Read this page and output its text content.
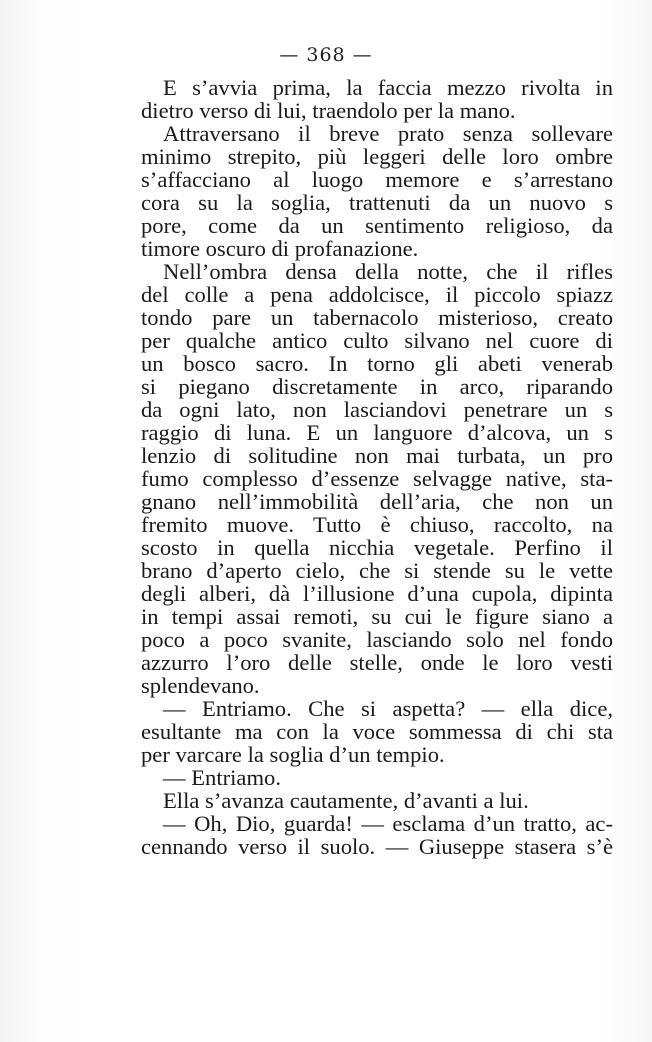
— 368 —
E s’avvia prima, la faccia mezzo rivolta in
dietro verso di lui, traendolo per la mano.
Attraversano il breve prato senza sollevare
minimo strepito, più leggeri delle loro ombre
s’affacciano al luogo memore e s’arrestano
cora su la soglia, trattenuti da un nuovo s
pore, come da un sentimento religioso, da
timore oscuro di profanazione.
Nell’ombra densa della notte, che il rifles
del colle a pena addolcisce, il piccolo spiazz
tondo pare un tabernacolo misterioso, creato
per qualche antico culto silvano nel cuore di
un bosco sacro. In torno gli abeti venerab
si piegano discretamente in arco, riparando
da ogni lato, non lasciandovi penetrare un s
raggio di luna. E un languore d’alcova, un s
lenzio di solitudine non mai turbata, un pro
fumo complesso d’essenze selvagge native, sta-
gnano nell’immobilità dell’aria, che non un
fremito muove. Tutto è chiuso, raccolto, na
scosto in quella nicchia vegetale. Perfino il
brano d’aperto cielo, che si stende su le vette
degli alberi, dà l’illusione d’una cupola, dipinta
in tempi assai remoti, su cui le figure siano a
poco a poco svanite, lasciando solo nel fondo
azzurro l’oro delle stelle, onde le loro vesti
splendevano.
— Entriamo. Che si aspetta? — ella dice,
esultante ma con la voce sommessa di chi sta
per varcare la soglia d’un tempio.
— Entriamo.
Ella s’avanza cautamente, d’avanti a lui.
— Oh, Dio, guarda! — esclama d’un tratto, ac-
cennando verso il suolo. — Giuseppe stasera s’è
